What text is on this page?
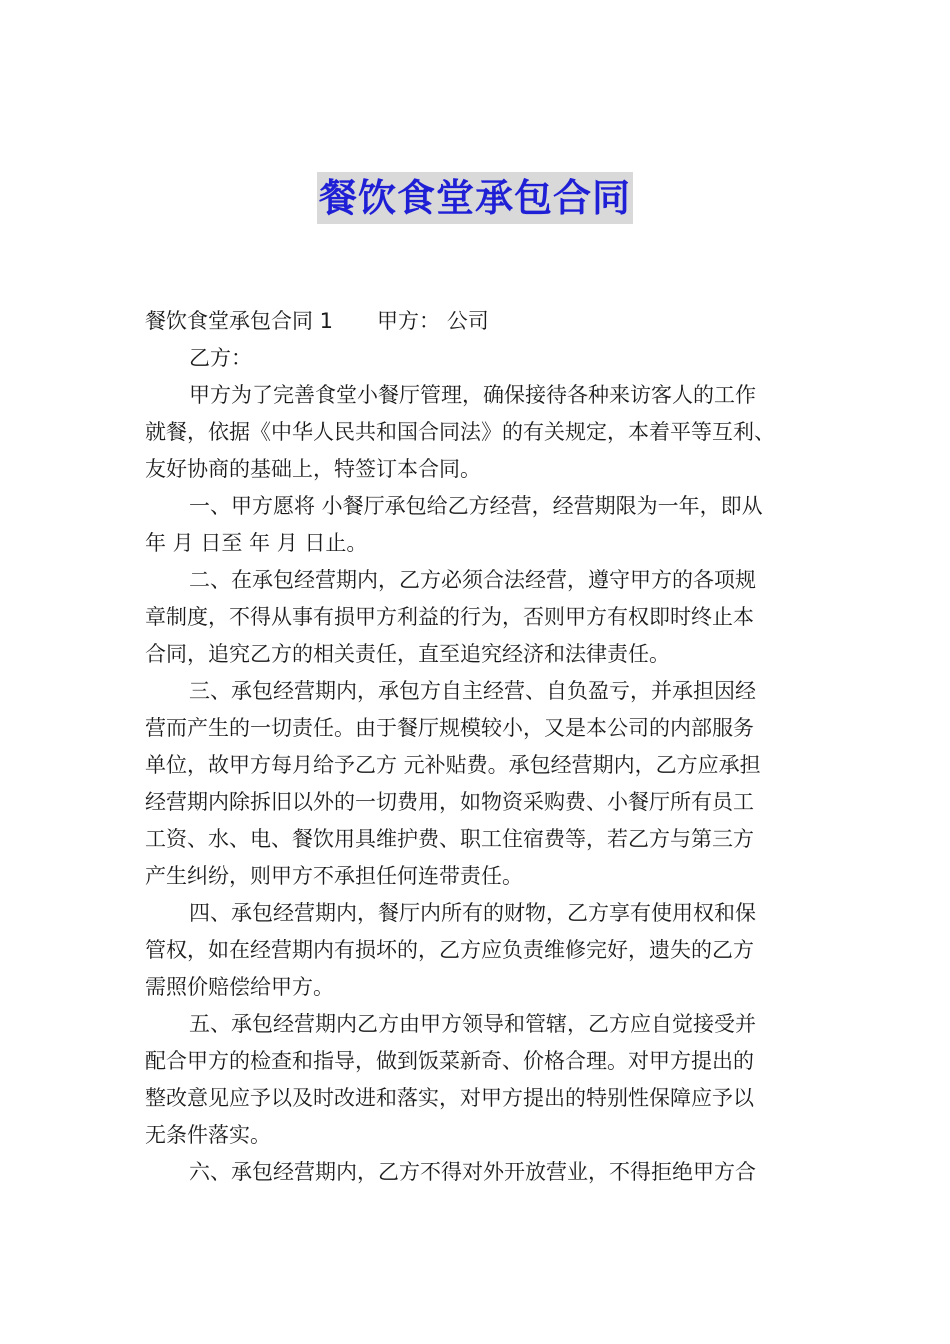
餐饮食堂承包合同
餐饮食堂承包合同 1 甲方： 公司
乙方：
甲方为了完善食堂小餐厅管理，确保接待各种来访客人的工作
就餐，依据《中华人民共和国合同法》的有关规定，本着平等互利、
友好协商的基础上，特签订本合同。
一、甲方愿将 小餐厅承包给乙方经营，经营期限为一年，即从
年 月 日至 年 月 日止。
二、在承包经营期内，乙方必须合法经营，遵守甲方的各项规
章制度，不得从事有损甲方利益的行为，否则甲方有权即时终止本
合同，追究乙方的相关责任，直至追究经济和法律责任。
三、承包经营期内，承包方自主经营、自负盈亏，并承担因经
营而产生的一切责任。由于餐厅规模较小，又是本公司的内部服务
单位，故甲方每月给予乙方 元补贴费。承包经营期内，乙方应承担
经营期内除拆旧以外的一切费用，如物资采购费、小餐厅所有员工
工资、水、电、餐饮用具维护费、职工住宿费等，若乙方与第三方
产生纠纷，则甲方不承担任何连带责任。
四、承包经营期内，餐厅内所有的财物，乙方享有使用权和保
管权，如在经营期内有损坏的，乙方应负责维修完好，遗失的乙方
需照价赔偿给甲方。
五、承包经营期内乙方由甲方领导和管辖，乙方应自觉接受并
配合甲方的检查和指导，做到饭菜新奇、价格合理。对甲方提出的
整改意见应予以及时改进和落实，对甲方提出的特别性保障应予以
无条件落实。
六、承包经营期内，乙方不得对外开放营业，不得拒绝甲方合
